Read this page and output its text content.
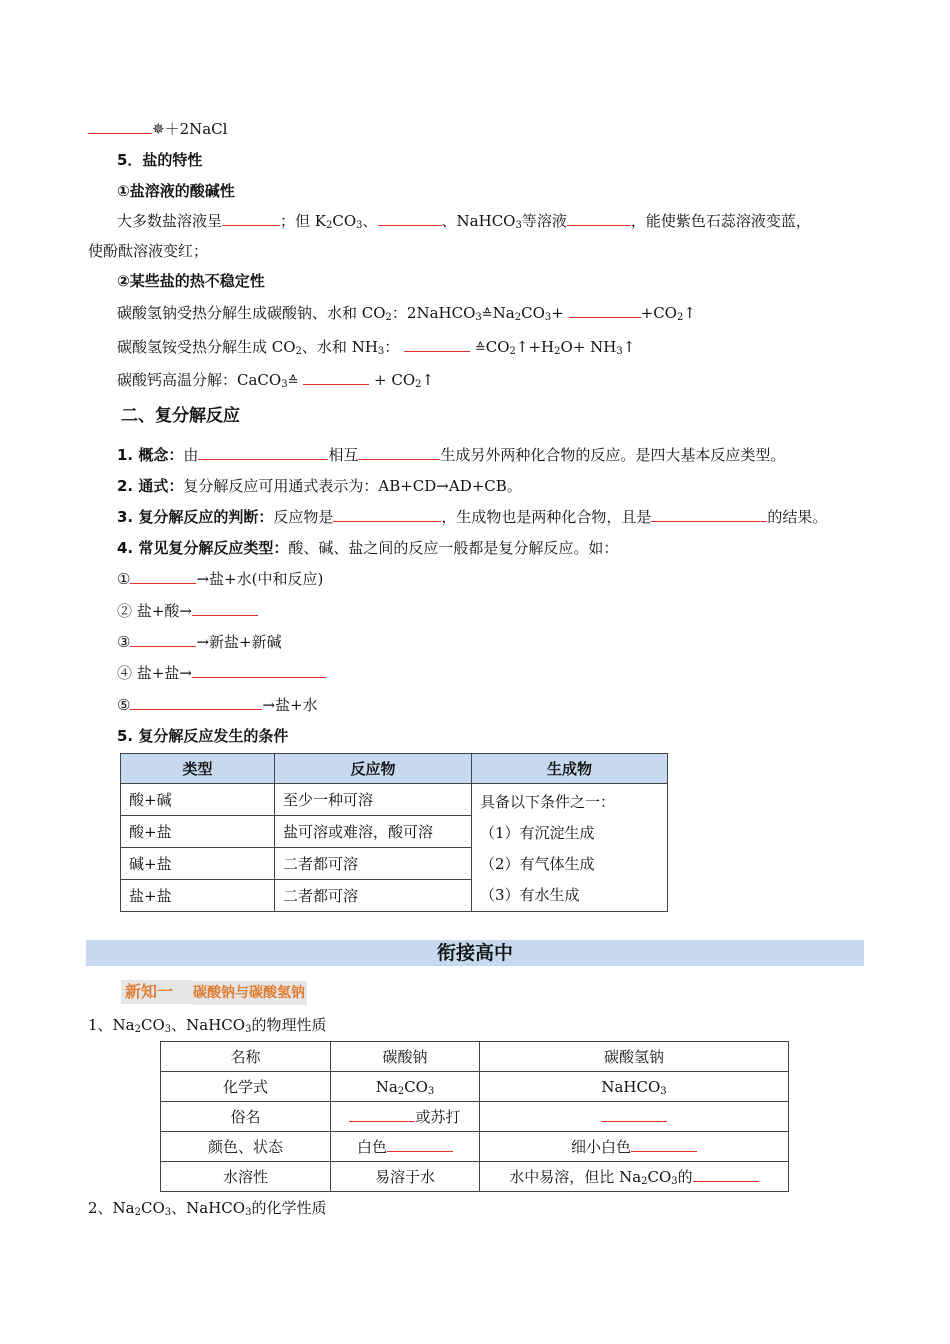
✵＋2NaCl
5．盐的特性
①盐溶液的酸碱性
大多数盐溶液呈	；但 $K_2CO_3$、	、NaHCO$_3$等溶液	，能使紫色石蕊溶液变蓝，
使酚酞溶液变红；
②某些盐的热不稳定性
碳酸氢钠受热分解生成碳酸钠、水和 $CO_2$：$2NaHCO_3≙Na_2CO_3+$	$+CO_2↑$
碳酸氢铵受热分解生成 $CO_2$、水和 $NH_3$：	$≙CO_2↑+H_2O+$ $NH_3↑$
碳酸钙高温分解：CaCO$_3$≙	+ $CO_2↑$
二、复分解反应
1. 概念：由	相互	生成另外两种化合物的反应。是四大基本反应类型。
2. 通式：复分解反应可用通式表示为：AB+CD→AD+CB。
3. 复分解反应的判断：反应物是	，生成物也是两种化合物，且是	的结果。
4. 常见复分解反应类型：酸、碱、盐之间的反应一般都是复分解反应。如：
①	→盐+水(中和反应)
② 盐+酸→
③	→新盐+新碱
④ 盐+盐→
⑤	→盐+水
5. 复分解反应发生的条件
类型	反应物	生成物
酸+碱	至少一种可溶	具备以下条件之一：
（1）有沉淀生成
（2）有气体生成
（3）有水生成

酸+盐	盐可溶或难溶，酸可溶	
碱+盐	二者都可溶	
盐+盐	二者都可溶	
衔接高中
新知一 碳酸钠与碳酸氢钠
1、$Na_2CO_3$、NaHCO$_3$的物理性质
名称	碳酸钠	碳酸氢钠
化学式	$Na_2CO_3$	NaHCO$_3$
俗名	或苏打	
颜色、状态	白色	细小白色
水溶性	易溶于水	水中易溶，但比 $Na_2CO_3$的
2、$Na_2CO_3$、NaHCO$_3$的化学性质
